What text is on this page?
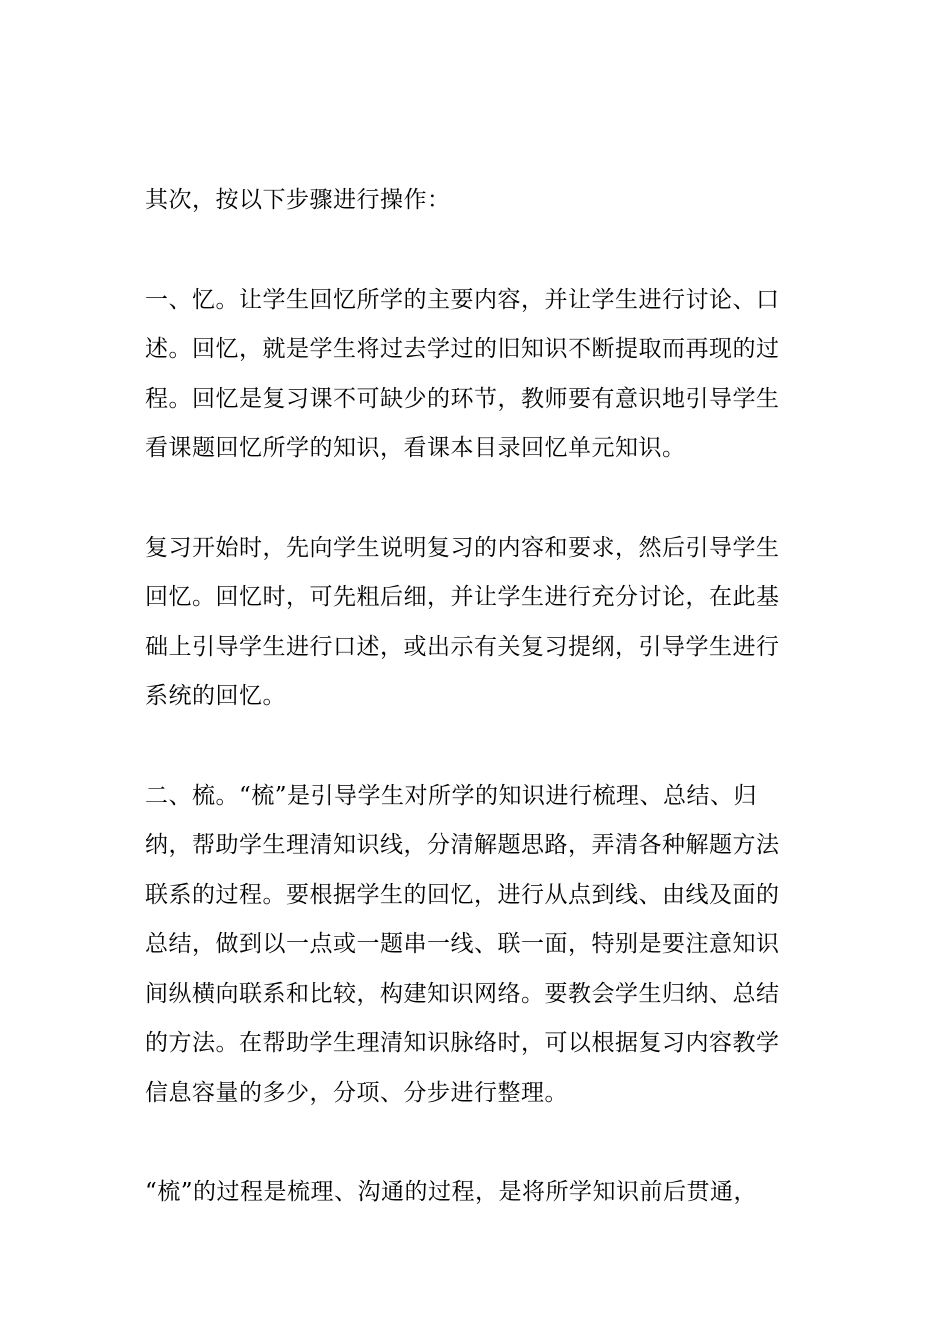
其次，按以下步骤进行操作：

一、忆。让学生回忆所学的主要内容，并让学生进行讨论、口
述。回忆，就是学生将过去学过的旧知识不断提取而再现的过
程。回忆是复习课不可缺少的环节，教师要有意识地引导学生
看课题回忆所学的知识，看课本目录回忆单元知识。

复习开始时，先向学生说明复习的内容和要求，然后引导学生
回忆。回忆时，可先粗后细，并让学生进行充分讨论，在此基
础上引导学生进行口述，或出示有关复习提纲，引导学生进行
系统的回忆。

二、梳。“梳”是引导学生对所学的知识进行梳理、总结、归
纳，帮助学生理清知识线，分清解题思路，弄清各种解题方法
联系的过程。要根据学生的回忆，进行从点到线、由线及面的
总结，做到以一点或一题串一线、联一面，特别是要注意知识
间纵横向联系和比较，构建知识网络。要教会学生归纳、总结
的方法。在帮助学生理清知识脉络时，可以根据复习内容教学
信息容量的多少，分项、分步进行整理。

“梳”的过程是梳理、沟通的过程，是将所学知识前后贯通，
